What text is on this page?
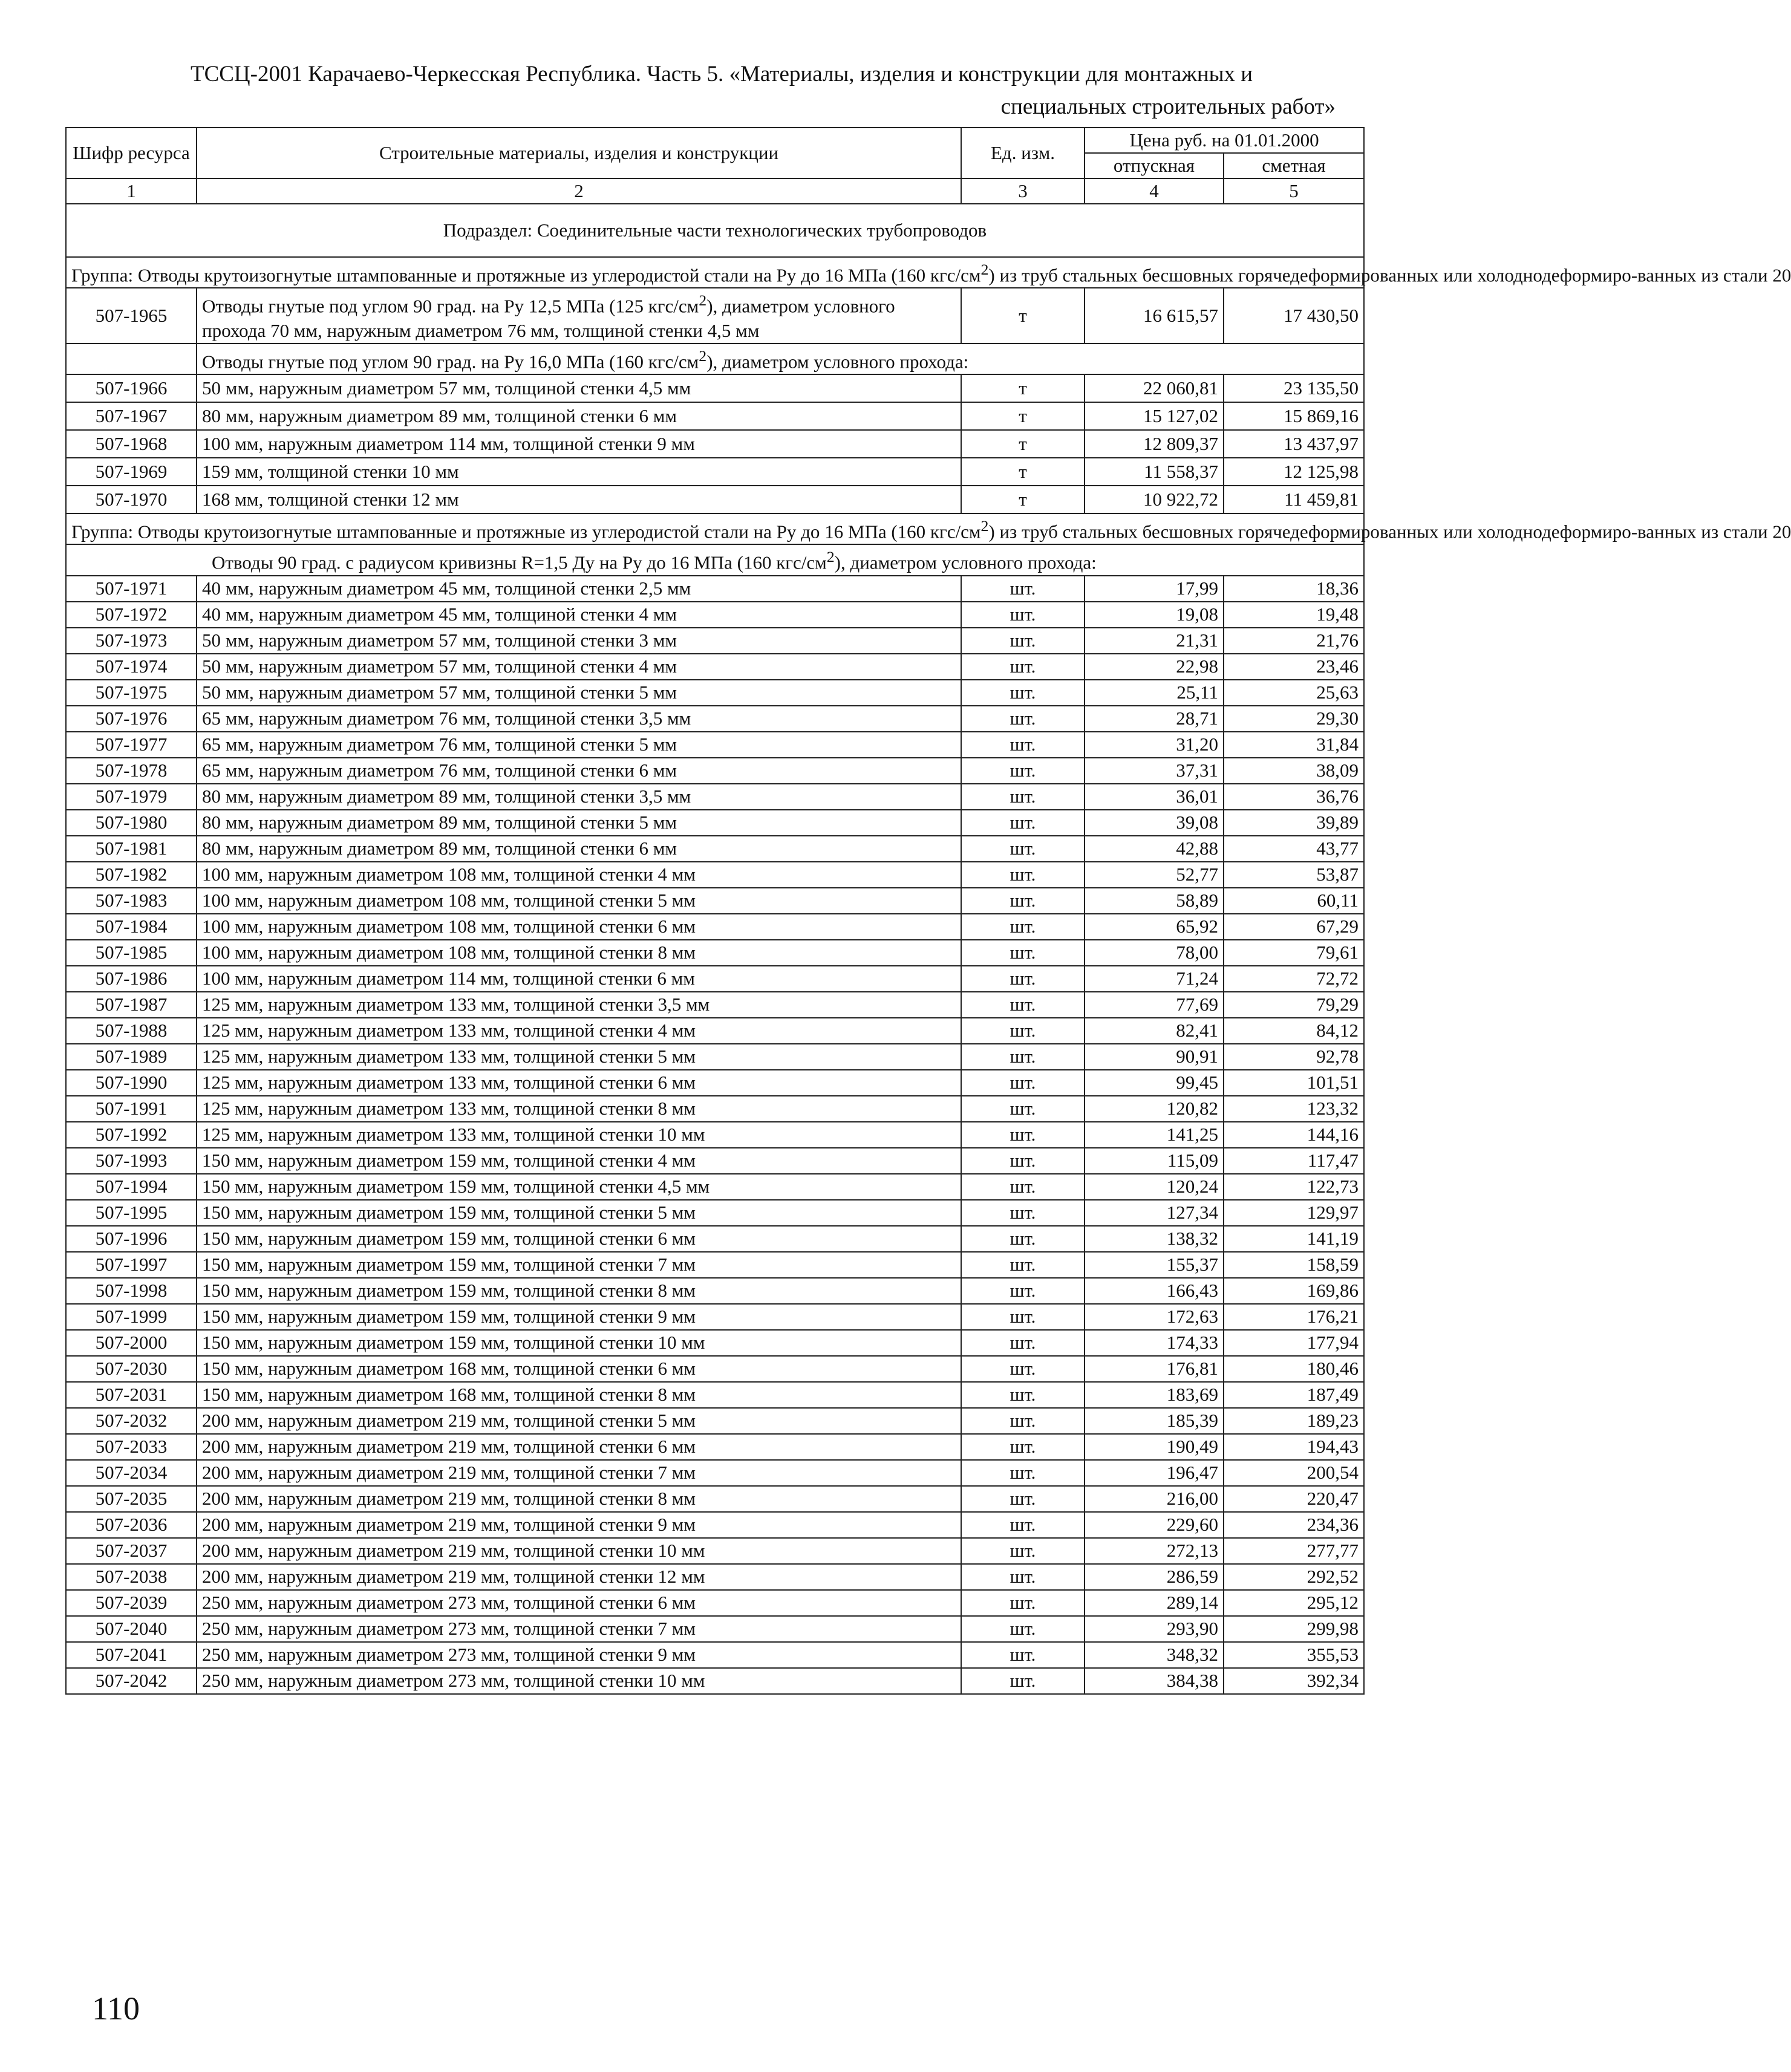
ТССЦ-2001 Карачаево-Черкесская Республика. Часть 5. «Материалы, изделия и конструкции для монтажных и
специальных строительных работ»
Шифр ресурса	Строительные материалы, изделия и конструкции	Ед. изм.	Цена руб. на 01.01.2000	
			отпускная	сметная
1	2	3	4	5
Подраздел: Соединительные части технологических трубопроводов				
Группа: Отводы крутоизогнутые штампованные и протяжные из углеродистой стали на Ру до 16 МПа (160 кгс/$см^2$) из труб стальных бесшовных горячедеформированных или холоднодеформиро-ванных из стали 20				
507-1965	Отводы гнутые под углом 90 град. на Ру 12,5 МПа (125 кгс/$см^2$), диаметром условного прохода 70 мм, наружным диаметром 76 мм, толщиной стенки 4,5 мм	т	16 615,57	17 430,50
	Отводы гнутые под углом 90 град. на Ру 16,0 МПа (160 кгс/$см^2$), диаметром условного прохода:			
507-1966	50 мм, наружным диаметром 57 мм, толщиной стенки 4,5 мм	т	22 060,81	23 135,50
507-1967	80 мм, наружным диаметром 89 мм, толщиной стенки 6 мм	т	15 127,02	15 869,16
507-1968	100 мм, наружным диаметром 114 мм, толщиной стенки 9 мм	т	12 809,37	13 437,97
507-1969	159 мм, толщиной стенки 10 мм	т	11 558,37	12 125,98
507-1970	168 мм, толщиной стенки 12 мм	т	10 922,72	11 459,81
Группа: Отводы крутоизогнутые штампованные и протяжные из углеродистой стали на Ру до 16 МПа (160 кгс/$см^2$) из труб стальных бесшовных горячедеформированных или холоднодеформиро-ванных из стали 20				
Отводы 90 град. с радиусом кривизны R=1,5 Ду на Ру до 16 МПа (160 кгс/$см^2$), диаметром условного прохода:				
507-1971	40 мм, наружным диаметром 45 мм, толщиной стенки 2,5 мм	шт.	17,99	18,36
507-1972	40 мм, наружным диаметром 45 мм, толщиной стенки 4 мм	шт.	19,08	19,48
507-1973	50 мм, наружным диаметром 57 мм, толщиной стенки 3 мм	шт.	21,31	21,76
507-1974	50 мм, наружным диаметром 57 мм, толщиной стенки 4 мм	шт.	22,98	23,46
507-1975	50 мм, наружным диаметром 57 мм, толщиной стенки 5 мм	шт.	25,11	25,63
507-1976	65 мм, наружным диаметром 76 мм, толщиной стенки 3,5 мм	шт.	28,71	29,30
507-1977	65 мм, наружным диаметром 76 мм, толщиной стенки 5 мм	шт.	31,20	31,84
507-1978	65 мм, наружным диаметром 76 мм, толщиной стенки 6 мм	шт.	37,31	38,09
507-1979	80 мм, наружным диаметром 89 мм, толщиной стенки 3,5 мм	шт.	36,01	36,76
507-1980	80 мм, наружным диаметром 89 мм, толщиной стенки 5 мм	шт.	39,08	39,89
507-1981	80 мм, наружным диаметром 89 мм, толщиной стенки 6 мм	шт.	42,88	43,77
507-1982	100 мм, наружным диаметром 108 мм, толщиной стенки 4 мм	шт.	52,77	53,87
507-1983	100 мм, наружным диаметром 108 мм, толщиной стенки 5 мм	шт.	58,89	60,11
507-1984	100 мм, наружным диаметром 108 мм, толщиной стенки 6 мм	шт.	65,92	67,29
507-1985	100 мм, наружным диаметром 108 мм, толщиной стенки 8 мм	шт.	78,00	79,61
507-1986	100 мм, наружным диаметром 114 мм, толщиной стенки 6 мм	шт.	71,24	72,72
507-1987	125 мм, наружным диаметром 133 мм, толщиной стенки 3,5 мм	шт.	77,69	79,29
507-1988	125 мм, наружным диаметром 133 мм, толщиной стенки 4 мм	шт.	82,41	84,12
507-1989	125 мм, наружным диаметром 133 мм, толщиной стенки 5 мм	шт.	90,91	92,78
507-1990	125 мм, наружным диаметром 133 мм, толщиной стенки 6 мм	шт.	99,45	101,51
507-1991	125 мм, наружным диаметром 133 мм, толщиной стенки 8 мм	шт.	120,82	123,32
507-1992	125 мм, наружным диаметром 133 мм, толщиной стенки 10 мм	шт.	141,25	144,16
507-1993	150 мм, наружным диаметром 159 мм, толщиной стенки 4 мм	шт.	115,09	117,47
507-1994	150 мм, наружным диаметром 159 мм, толщиной стенки 4,5 мм	шт.	120,24	122,73
507-1995	150 мм, наружным диаметром 159 мм, толщиной стенки 5 мм	шт.	127,34	129,97
507-1996	150 мм, наружным диаметром 159 мм, толщиной стенки 6 мм	шт.	138,32	141,19
507-1997	150 мм, наружным диаметром 159 мм, толщиной стенки 7 мм	шт.	155,37	158,59
507-1998	150 мм, наружным диаметром 159 мм, толщиной стенки 8 мм	шт.	166,43	169,86
507-1999	150 мм, наружным диаметром 159 мм, толщиной стенки 9 мм	шт.	172,63	176,21
507-2000	150 мм, наружным диаметром 159 мм, толщиной стенки 10 мм	шт.	174,33	177,94
507-2030	150 мм, наружным диаметром 168 мм, толщиной стенки 6 мм	шт.	176,81	180,46
507-2031	150 мм, наружным диаметром 168 мм, толщиной стенки 8 мм	шт.	183,69	187,49
507-2032	200 мм, наружным диаметром 219 мм, толщиной стенки 5 мм	шт.	185,39	189,23
507-2033	200 мм, наружным диаметром 219 мм, толщиной стенки 6 мм	шт.	190,49	194,43
507-2034	200 мм, наружным диаметром 219 мм, толщиной стенки 7 мм	шт.	196,47	200,54
507-2035	200 мм, наружным диаметром 219 мм, толщиной стенки 8 мм	шт.	216,00	220,47
507-2036	200 мм, наружным диаметром 219 мм, толщиной стенки 9 мм	шт.	229,60	234,36
507-2037	200 мм, наружным диаметром 219 мм, толщиной стенки 10 мм	шт.	272,13	277,77
507-2038	200 мм, наружным диаметром 219 мм, толщиной стенки 12 мм	шт.	286,59	292,52
507-2039	250 мм, наружным диаметром 273 мм, толщиной стенки 6 мм	шт.	289,14	295,12
507-2040	250 мм, наружным диаметром 273 мм, толщиной стенки 7 мм	шт.	293,90	299,98
507-2041	250 мм, наружным диаметром 273 мм, толщиной стенки 9 мм	шт.	348,32	355,53
507-2042	250 мм, наружным диаметром 273 мм, толщиной стенки 10 мм	шт.	384,38	392,34
110
